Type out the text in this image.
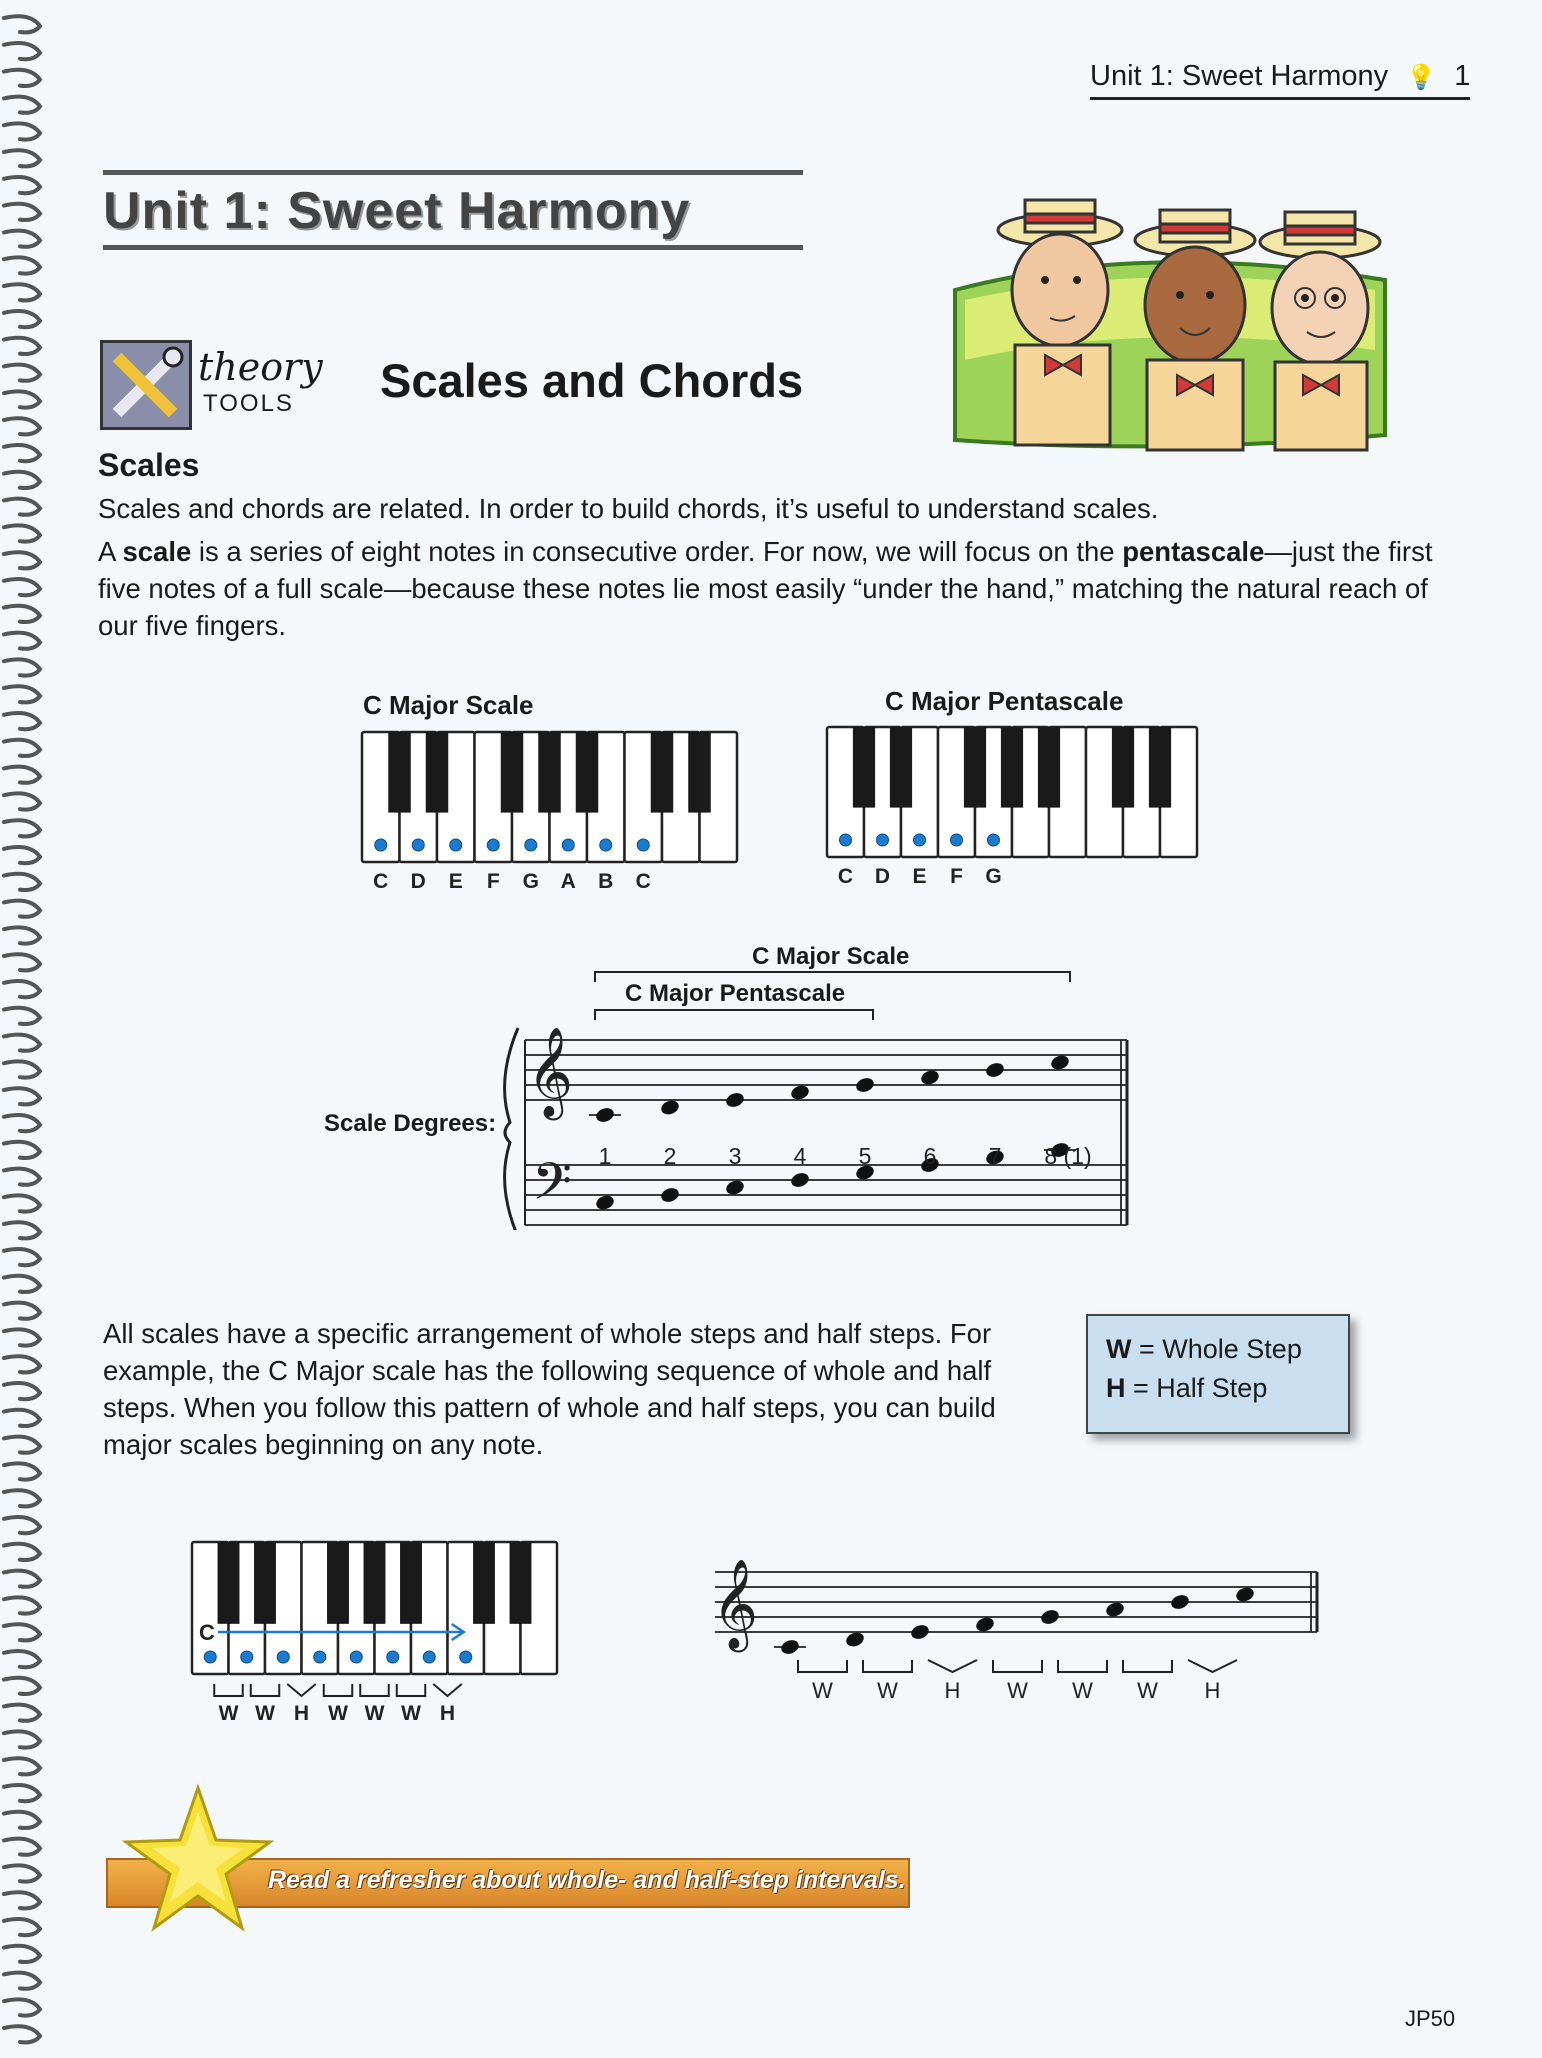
Unit 1: Sweet Harmony 💡 1
Unit 1: Sweet Harmony
theory
TOOLS Scales and Chords
Scales
Scales and chords are related. In order to build chords, it’s useful to understand scales.
A scale is a series of eight notes in consecutive order. For now, we will focus on the pentascale—just the first five notes of a full scale—because these notes lie most easily “under the hand,” matching the natural reach of our five fingers.
C Major Scale
C D E F G A B C
C Major Pentascale
C D E F G
C Major Scale
C Major Pentascale
Scale Degrees:
𝄞
𝄢 1 2 3 4 5 6 7 8 (1)
All scales have a specific arrangement of whole steps and half steps. For example, the C Major scale has the following sequence of whole and half steps. When you follow this pattern of whole and half steps, you can build major scales beginning on any note.
W = Whole Step
H = Half Step
C
W W H W W W H
𝄞
W W H W W W H
Read a refresher about whole- and half-step intervals.
JP50
